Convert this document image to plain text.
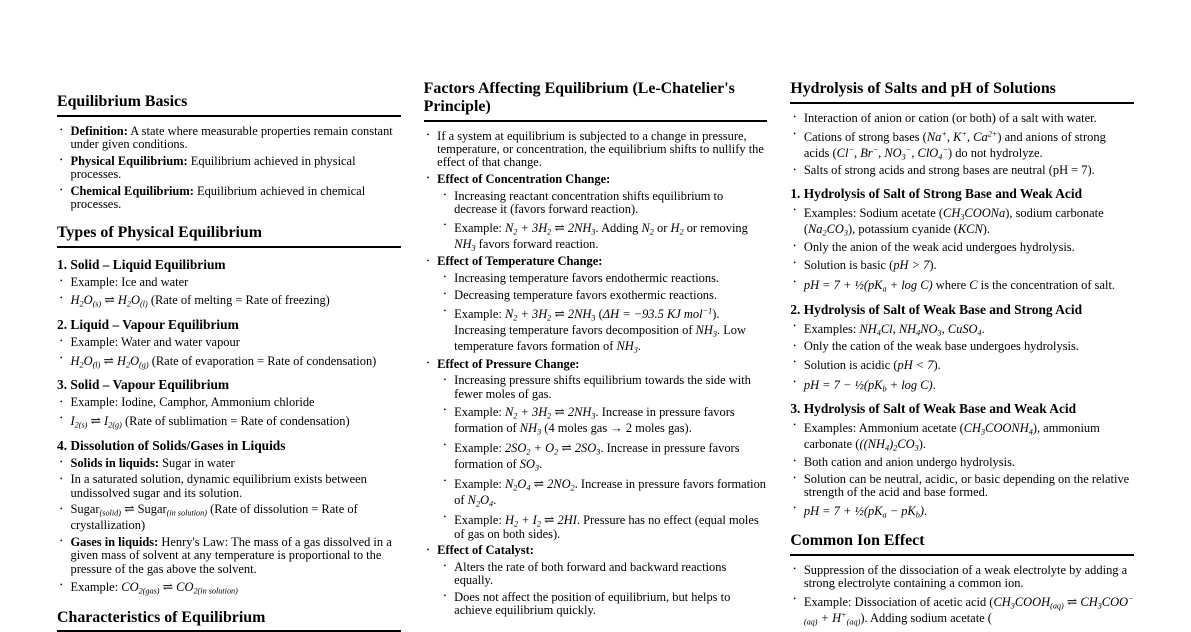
Equilibrium Basics
• Definition: A state where measurable properties remain constant under given conditions.
• Physical Equilibrium: Equilibrium achieved in physical processes.
• Chemical Equilibrium: Equilibrium achieved in chemical processes.
Types of Physical Equilibrium
1. Solid – Liquid Equilibrium
• Example: Ice and water
• $H_2O_{(s)}$ ⇌ $H_2O_{(l)}$ (Rate of melting = Rate of freezing)
2. Liquid – Vapour Equilibrium
• Example: Water and water vapour
• $H_2O_{(l)}$ ⇌ $H_2O_{(g)}$ (Rate of evaporation = Rate of condensation)
3. Solid – Vapour Equilibrium
• Example: Iodine, Camphor, Ammonium chloride
• $I_{2(s)}$ ⇌ $I_{2(g)}$ (Rate of sublimation = Rate of condensation)
4. Dissolution of Solids/Gases in Liquids
• Solids in liquids: Sugar in water
• In a saturated solution, dynamic equilibrium exists between undissolved sugar and its solution.
• Sugar$_{(solid)}$ ⇌ Sugar$_{(in solution)}$ (Rate of dissolution = Rate of crystallization)
• Gases in liquids: Henry's Law: The mass of a gas dissolved in a given mass of solvent at any temperature is proportional to the pressure of the gas above the solvent.
• Example: $CO_{2(gas)}$ ⇌ $CO_{2(in solution)}$
Characteristics of Equilibrium
Factors Affecting Equilibrium (Le-Chatelier's Principle)
• If a system at equilibrium is subjected to a change in pressure, temperature, or concentration, the equilibrium shifts to nullify the effect of that change.
• Effect of Concentration Change:
• Increasing reactant concentration shifts equilibrium to decrease it (favors forward reaction).
• Example: $N_2 + 3H_2$ ⇌ $2NH_3$. Adding $N_2$ or $H_2$ or removing $NH_3$ favors forward reaction.
• Effect of Temperature Change:
• Increasing temperature favors endothermic reactions.
• Decreasing temperature favors exothermic reactions.
• Example: $N_2 + 3H_2$ ⇌ $2NH_3$ (ΔH = −93.5 KJ mol$^{-1}$). Increasing temperature favors decomposition of $NH_3$. Low temperature favors formation of $NH_3$.
• Effect of Pressure Change:
• Increasing pressure shifts equilibrium towards the side with fewer moles of gas.
• Example: $N_2 + 3H_2$ ⇌ $2NH_3$. Increase in pressure favors formation of $NH_3$ (4 moles gas → 2 moles gas).
• Example: $2SO_2 + O_2$ ⇌ $2SO_3$. Increase in pressure favors formation of $SO_3$.
• Example: $N_2O_4$ ⇌ $2NO_2$. Increase in pressure favors formation of $N_2O_4$.
• Example: $H_2 + I_2$ ⇌ 2HI. Pressure has no effect (equal moles of gas on both sides).
• Effect of Catalyst:
• Alters the rate of both forward and backward reactions equally.
• Does not affect the position of equilibrium, but helps to achieve equilibrium quickly.
Hydrolysis of Salts and pH of Solutions
• Interaction of anion or cation (or both) of a salt with water.
• Cations of strong bases (Na+, K+, $Ca^{2+}$) and anions of strong acids (Cl−, Br−, $NO_3^-$, ClO$_4$−) do not hydrolyze.
• Salts of strong acids and strong bases are neutral (pH = 7).
1. Hydrolysis of Salt of Strong Base and Weak Acid
• Examples: Sodium acetate $(CH_3COONa)$, sodium carbonate $(Na_2CO_3)$, potassium cyanide (KCN).
• Only the anion of the weak acid undergoes hydrolysis.
• Solution is basic (pH > 7).
• pH = $7 + \frac{1}{2}(pK_a + \log C)$ where C is the concentration of salt.
2. Hydrolysis of Salt of Weak Base and Strong Acid
• Examples: $NH_4Cl$, $NH_4NO_3$, CuSO$_4$.
• Only the cation of the weak base undergoes hydrolysis.
• Solution is acidic (pH < 7).
• pH = $7 - \frac{1}{2}(pK_b + \log C)$.
3. Hydrolysis of Salt of Weak Base and Weak Acid
• Examples: Ammonium acetate $(CH_3COONH_4)$, ammonium carbonate ($((NH_4)_2CO_3)$.
• Both cation and anion undergo hydrolysis.
• Solution can be neutral, acidic, or basic depending on the relative strength of the acid and base formed.
• pH = $7 + \frac{1}{2}(pK_a - pK_b)$.
Common Ion Effect
• Suppression of the dissociation of a weak electrolyte by adding a strong electrolyte containing a common ion.
• Example: Dissociation of acetic acid ($CH_3COOH_{(aq)}$ ⇌ $CH_3COO^-_{(aq)} + H^+_{(aq)}$). Adding sodium acetate (
